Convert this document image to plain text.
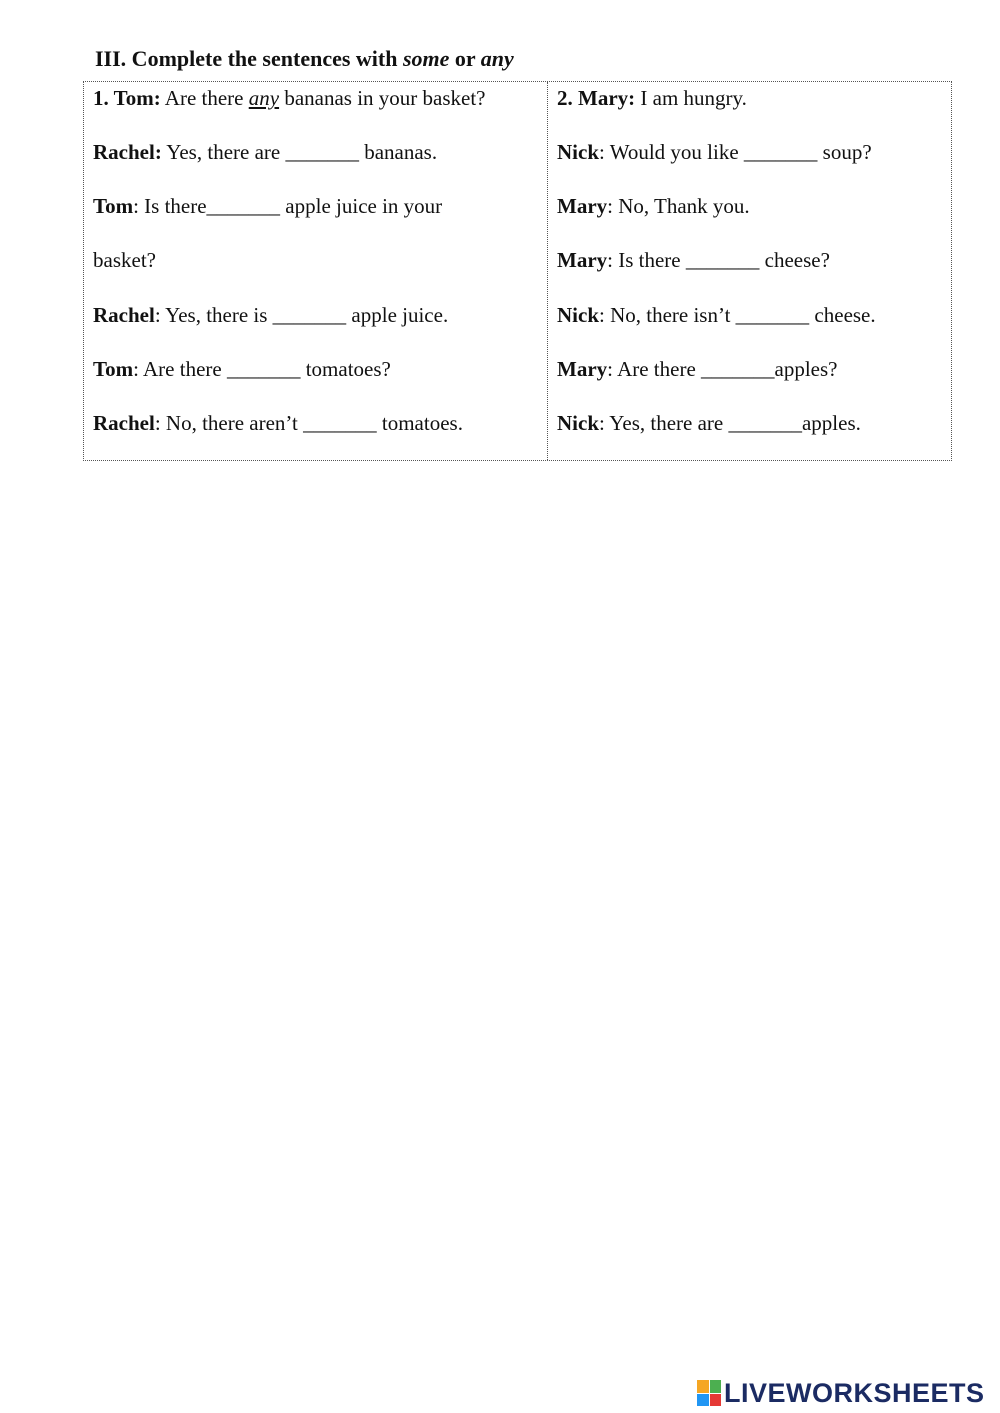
III. Complete the sentences with some or any
1. Tom: Are there any bananas in your basket?
Rachel: Yes, there are _______ bananas.
Tom: Is there_______ apple juice in your
basket?
Rachel: Yes, there is _______ apple juice.
Tom: Are there _______ tomatoes?
Rachel: No, there aren’t _______ tomatoes.
2. Mary: I am hungry.
Nick: Would you like _______ soup?
Mary: No, Thank you.
Mary: Is there _______ cheese?
Nick: No, there isn’t _______ cheese.
Mary: Are there _______apples?
Nick: Yes, there are _______apples.
LIVEWORKSHEETS
